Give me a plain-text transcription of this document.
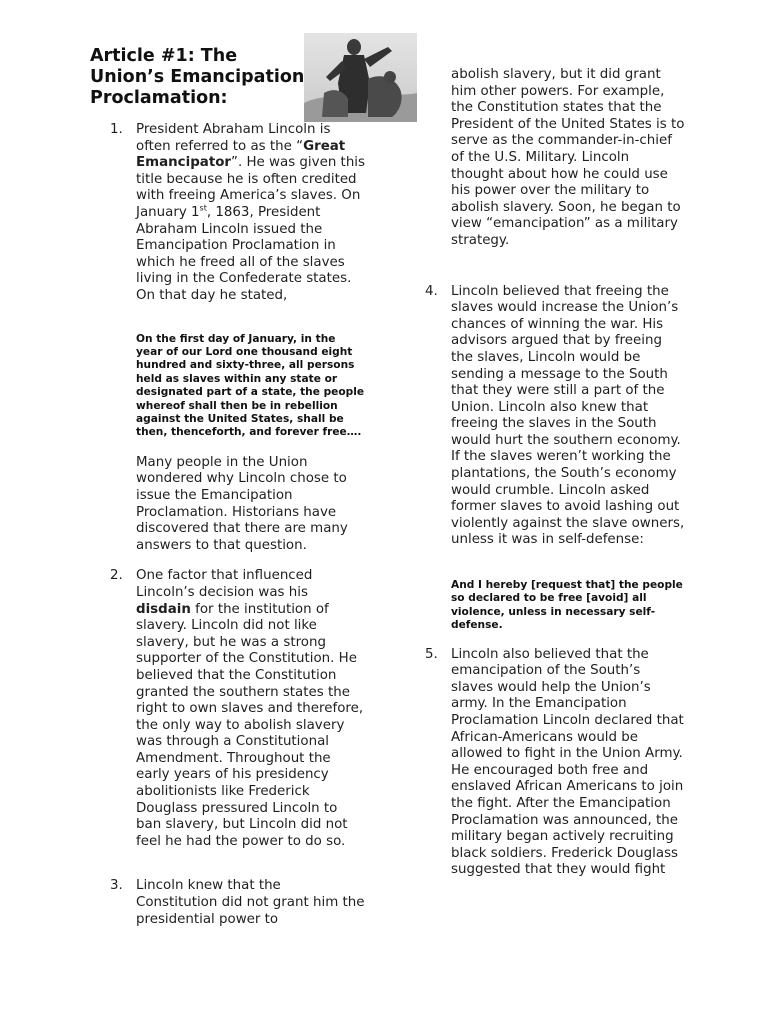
Article #1: The
Union’s Emancipation
Proclamation:
1. President Abraham Lincoln is often referred to as the “Great Emancipator”. He was given this title because he is often credited with freeing America’s slaves. On January 1st, 1863, President Abraham Lincoln issued the Emancipation Proclamation in which he freed all of the slaves living in the Confederate states. On that day he stated,
On the first day of January, in the year of our Lord one thousand eight hundred and sixty-three, all persons held as slaves within any state or designated part of a state, the people whereof shall then be in rebellion against the United States, shall be then, thenceforth, and forever free….
Many people in the Union wondered why Lincoln chose to issue the Emancipation Proclamation. Historians have discovered that there are many answers to that question.
2. One factor that influenced Lincoln’s decision was his disdain for the institution of slavery. Lincoln did not like slavery, but he was a strong supporter of the Constitution. He believed that the Constitution granted the southern states the right to own slaves and therefore, the only way to abolish slavery was through a Constitutional Amendment. Throughout the early years of his presidency abolitionists like Frederick Douglass pressured Lincoln to ban slavery, but Lincoln did not feel he had the power to do so.
3. Lincoln knew that the Constitution did not grant him the presidential power to
abolish slavery, but it did grant him other powers. For example, the Constitution states that the President of the United States is to serve as the commander-in-chief of the U.S. Military. Lincoln thought about how he could use his power over the military to abolish slavery. Soon, he began to view “emancipation” as a military strategy.
4. Lincoln believed that freeing the slaves would increase the Union’s chances of winning the war. His advisors argued that by freeing the slaves, Lincoln would be sending a message to the South that they were still a part of the Union. Lincoln also knew that freeing the slaves in the South would hurt the southern economy. If the slaves weren’t working the plantations, the South’s economy would crumble. Lincoln asked former slaves to avoid lashing out violently against the slave owners, unless it was in self-defense:
And I hereby [request that] the people so declared to be free [avoid] all violence, unless in necessary self-defense.
5. Lincoln also believed that the emancipation of the South’s slaves would help the Union’s army. In the Emancipation Proclamation Lincoln declared that African-Americans would be allowed to fight in the Union Army. He encouraged both free and enslaved African Americans to join the fight. After the Emancipation Proclamation was announced, the military began actively recruiting black soldiers. Frederick Douglass suggested that they would fight
